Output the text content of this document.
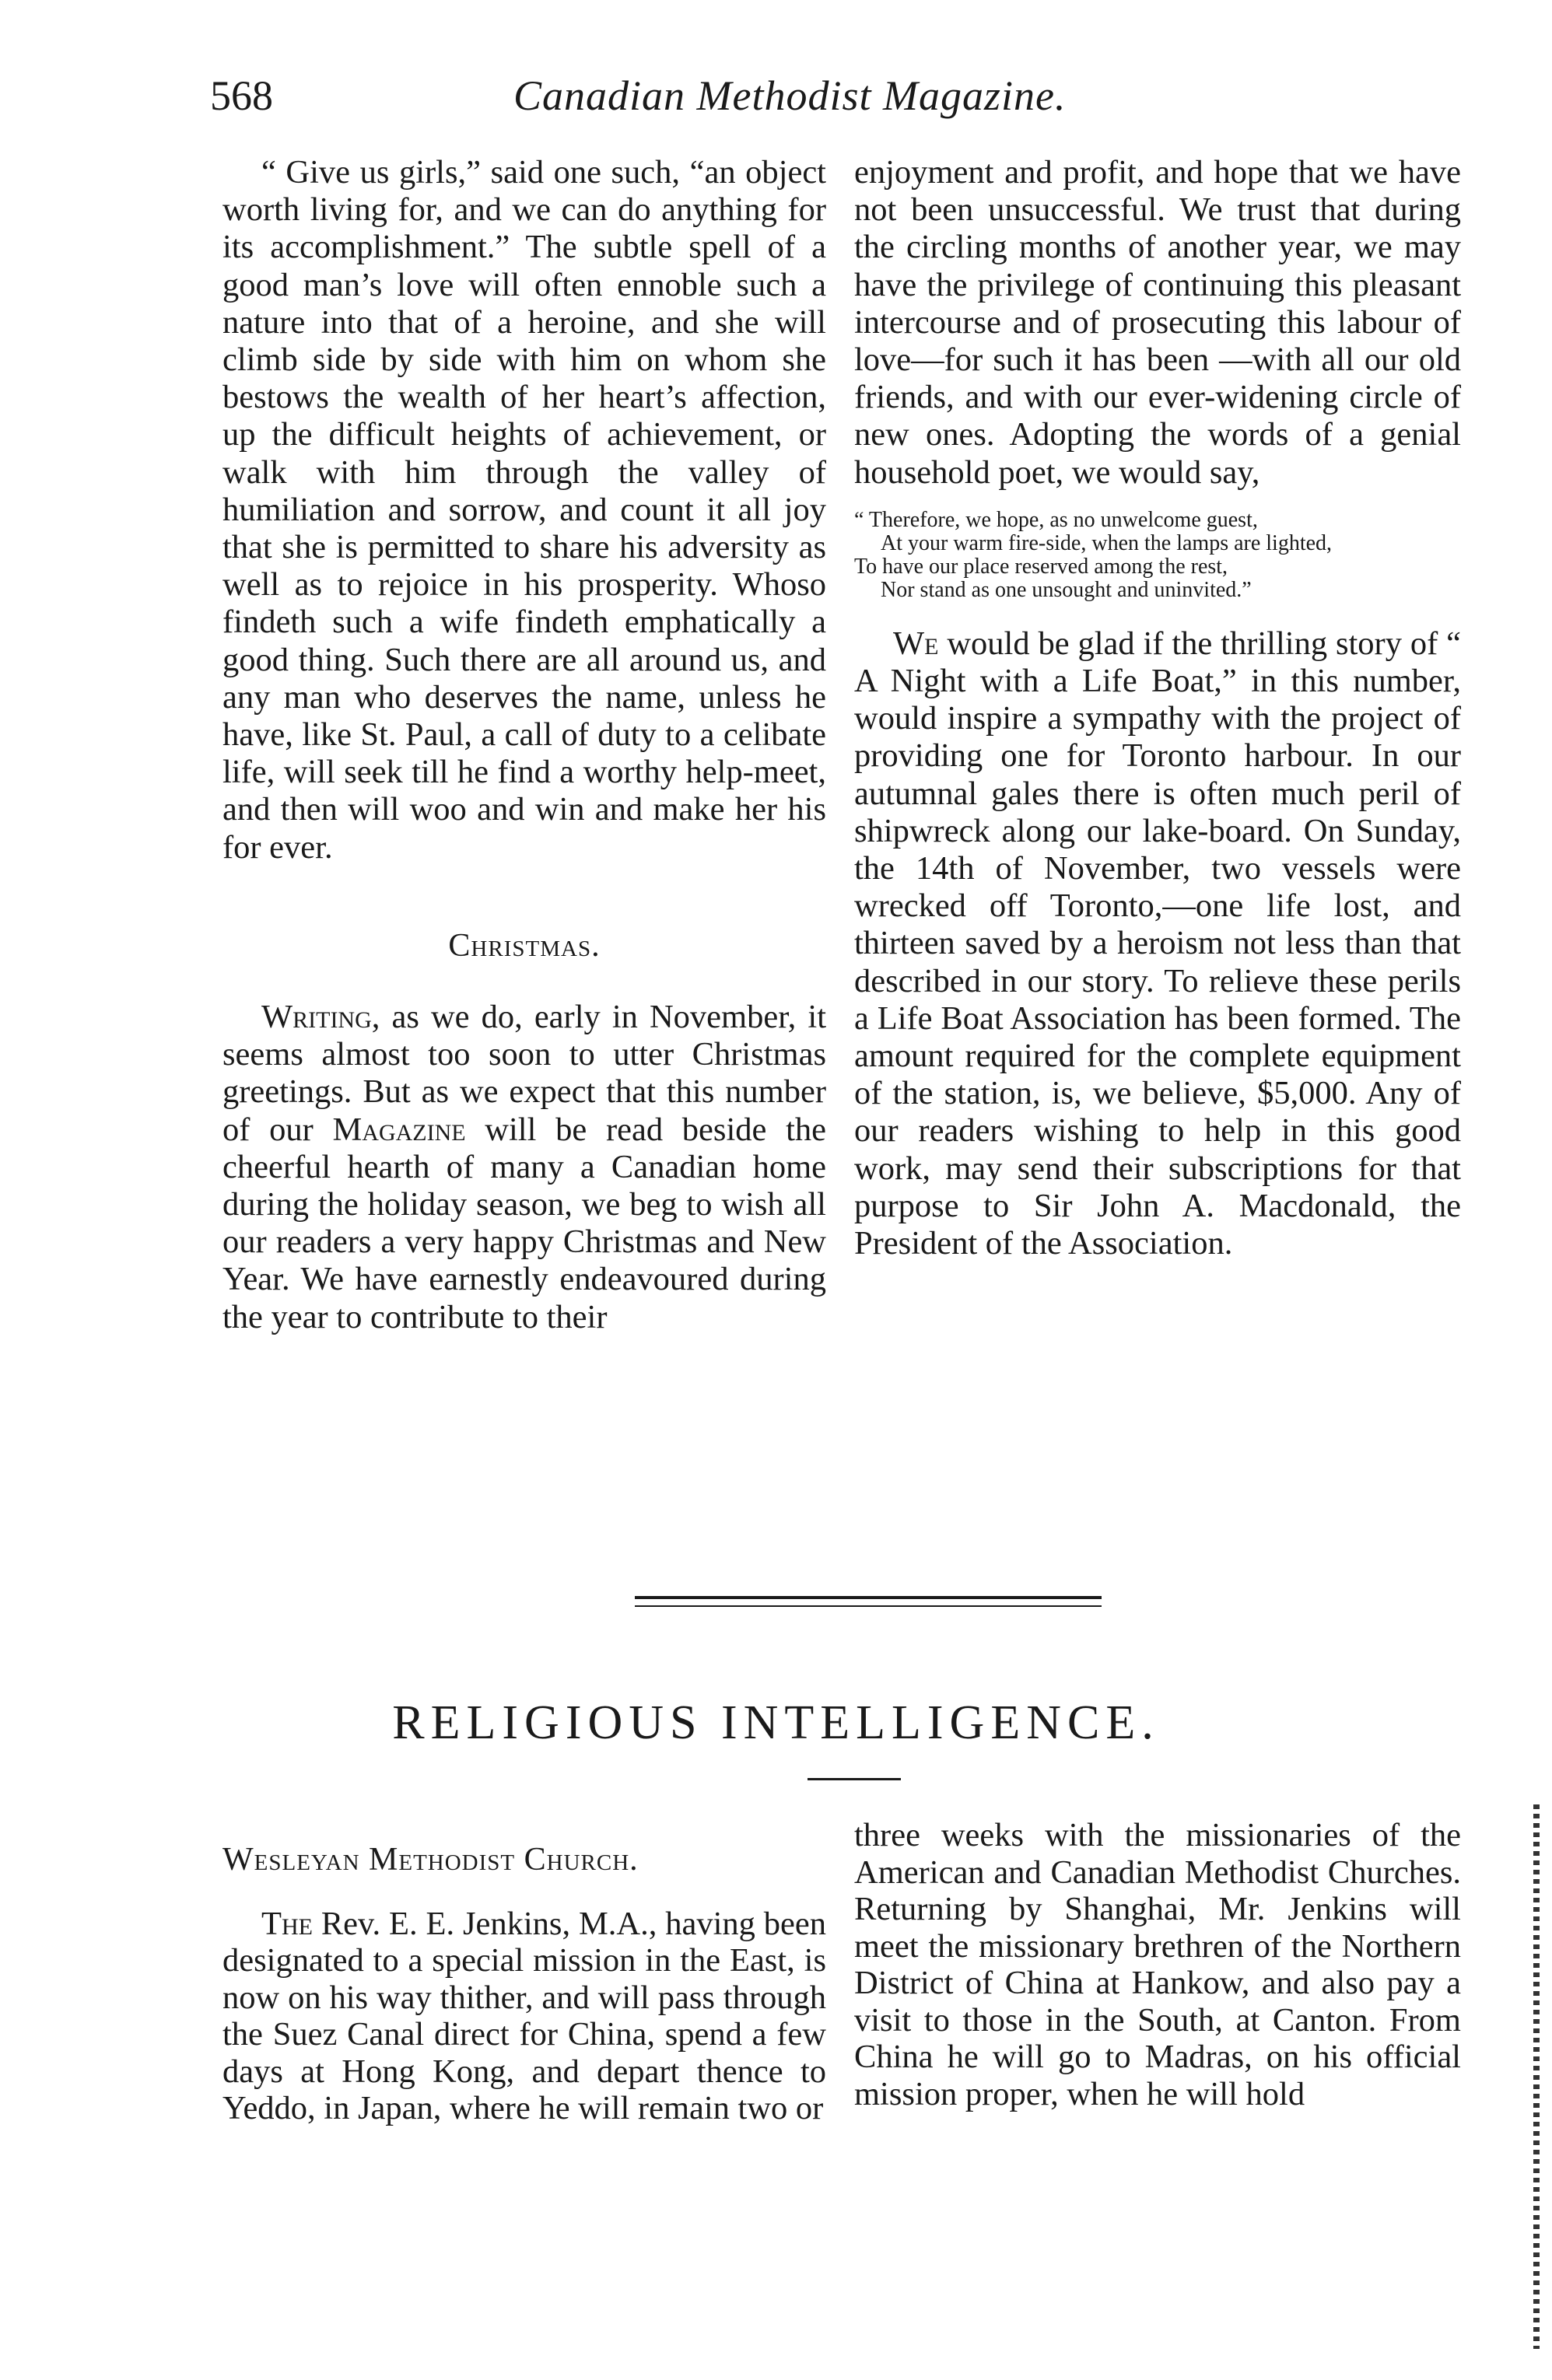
568	Canadian Methodist Magazine.

“ Give us girls,” said one such, “an object worth living for, and we can do anything for its accomplishment.” The subtle spell of a good man’s love will often ennoble such a nature into that of a heroine, and she will climb side by side with him on whom she bestows the wealth of her heart’s affection, up the difficult heights of achievement, or walk with him through the valley of humiliation and sorrow, and count it all joy that she is permitted to share his adversity as well as to rejoice in his prosperity. Whoso findeth such a wife findeth emphatically a good thing. Such there are all around us, and any man who deserves the name, unless he have, like St. Paul, a call of duty to a celibate life, will seek till he find a worthy help-meet, and then will woo and win and make her his for ever.

Christmas.

Writing, as we do, early in November, it seems almost too soon to utter Christmas greetings. But as we expect that this number of our Magazine will be read beside the cheerful hearth of many a Canadian home during the holiday season, we beg to wish all our readers a very happy Christmas and New Year. We have earnestly endeavoured during the year to contribute to their

enjoyment and profit, and hope that we have not been unsuccessful. We trust that during the circling months of another year, we may have the privilege of continuing this pleasant intercourse and of prosecuting this labour of love—for such it has been —with all our old friends, and with our ever-widening circle of new ones. Adopting the words of a genial household poet, we would say,

“ Therefore, we hope, as no unwelcome guest,
At your warm fire-side, when the lamps are lighted,
To have our place reserved among the rest,
Nor stand as one unsought and uninvited.”

We would be glad if the thrilling story of “ A Night with a Life Boat,” in this number, would inspire a sympathy with the project of providing one for Toronto harbour. In our autumnal gales there is often much peril of shipwreck along our lake-board. On Sunday, the 14th of November, two vessels were wrecked off Toronto,—one life lost, and thirteen saved by a heroism not less than that described in our story. To relieve these perils a Life Boat Association has been formed. The amount required for the complete equipment of the station, is, we believe, $5,000. Any of our readers wishing to help in this good work, may send their subscriptions for that purpose to Sir John A. Macdonald, the President of the Association.

RELIGIOUS INTELLIGENCE.

Wesleyan Methodist Church.

The Rev. E. E. Jenkins, M.A., having been designated to a special mission in the East, is now on his way thither, and will pass through the Suez Canal direct for China, spend a few days at Hong Kong, and depart thence to Yeddo, in Japan, where he will remain two or

three weeks with the missionaries of the American and Canadian Methodist Churches. Returning by Shanghai, Mr. Jenkins will meet the missionary brethren of the Northern District of China at Hankow, and also pay a visit to those in the South, at Canton. From China he will go to Madras, on his official mission proper, when he will hold
